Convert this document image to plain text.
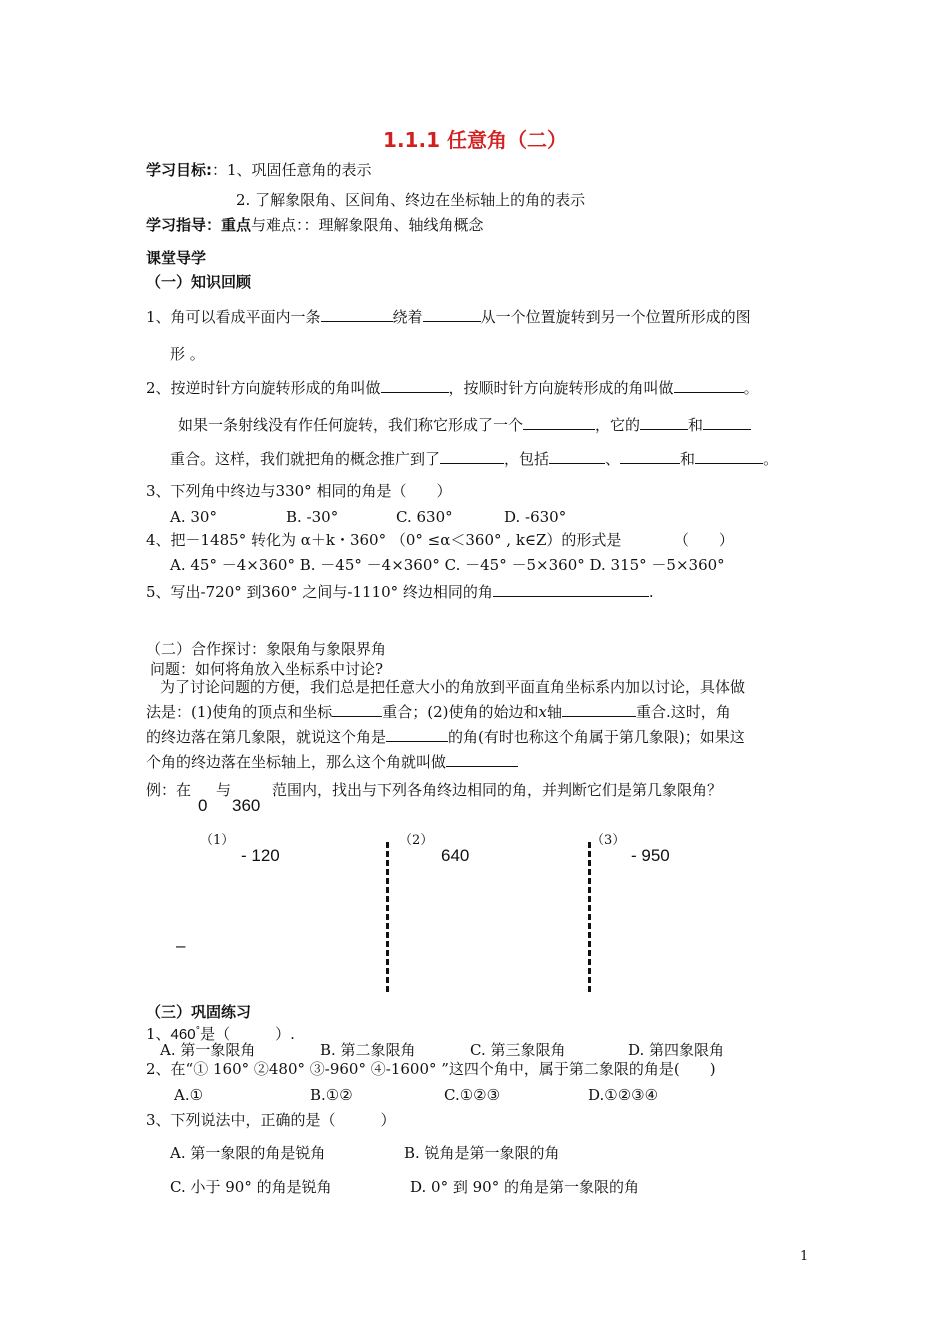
1.1.1 任意角（二）
学习目标:：1、巩固任意角的表示
2. 了解象限角、区间角、终边在坐标轴上的角的表示
学习指导：重点与难点：：理解象限角、轴线角概念
课堂导学
（一）知识回顾
1、角可以看成平面内一条	绕着	从一个位置旋转到另一个位置所形成的图
形 。
2、按逆时针方向旋转形成的角叫做	，按顺时针方向旋转形成的角叫做	。
如果一条射线没有作任何旋转，我们称它形成了一个	，它的	和
重合。这样，我们就把角的概念推广到了	，包括	、	和	。
3、下列角中终边与330° 相同的角是（　　）
A. 30°	B. -30°	C. 630°	D. -630°
4、把－1485° 转化为 α＋k・360° （0° ≤α＜360° , k∈Z）的形式是　　　　（　　）
A. 45° －4×360° B. －45° －4×360° C. －45° －5×360° D. 315° －5×360°
5、写出-720° 到360° 之间与-1110° 终边相同的角	.
（二）合作探讨：象限角与象限界角
问题：如何将角放入坐标系中讨论?
为了讨论问题的方便，我们总是把任意大小的角放到平面直角坐标系内加以讨论，具体做
法是：(1)使角的顶点和坐标	重合；(2)使角的始边和x轴	重合.这时，角
的终边落在第几象限，就说这个角是	的角(有时也称这个角属于第几象限)；如果这
个角的终边落在坐标轴上，那么这个角就叫做
例：在
0
与
360
范围内，找出与下列各角终边相同的角，并判断它们是第几象限角？
（1）
- 120
（2）
640
（3）
- 950
–
（三）巩固练习
1、460°是（　　　）.
A. 第一象限角	B. 第二象限角	C. 第三象限角	D. 第四象限角
2、在“① 160° ②480° ③-960° ④-1600° ”这四个角中，属于第二象限的角是(　　)
A.①	B.①②	C.①②③	D.①②③④
3、下列说法中，正确的是（　　　）
A. 第一象限的角是锐角	B. 锐角是第一象限的角
C. 小于 90° 的角是锐角	D. 0° 到 90° 的角是第一象限的角
1
